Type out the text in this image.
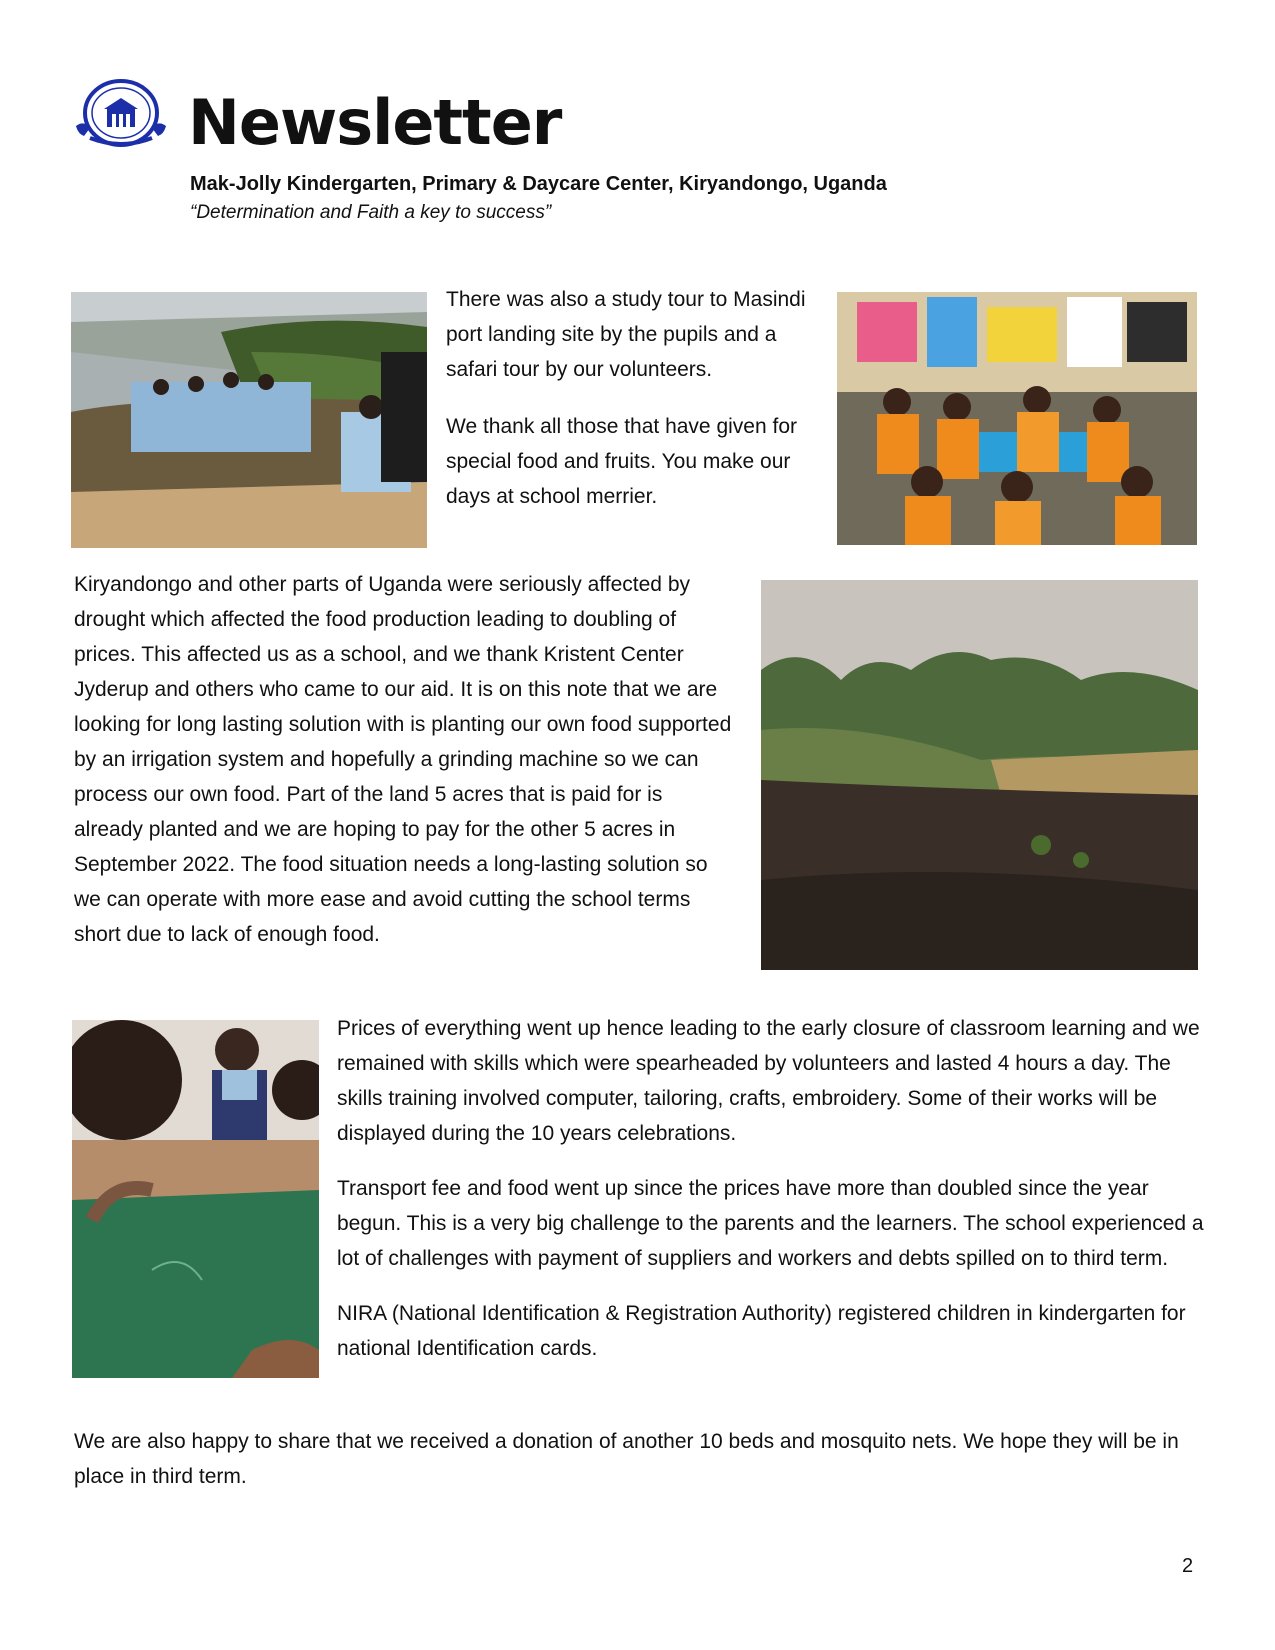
Newsletter
Mak-Jolly Kindergarten, Primary & Daycare Center, Kiryandongo, Uganda
“Determination and Faith a key to success”

There was also a study tour to Masindi port landing site by the pupils and a safari tour by our volunteers.

We thank all those that have given for special food and fruits. You make our days at school merrier.

Kiryandongo and other parts of Uganda were seriously affected by drought which affected the food production leading to doubling of prices. This affected us as a school, and we thank Kristent Center Jyderup and others who came to our aid. It is on this note that we are looking for long lasting solution with is planting our own food supported by an irrigation system and hopefully a grinding machine so we can process our own food. Part of the land 5 acres that is paid for is already planted and we are hoping to pay for the other 5 acres in September 2022. The food situation needs a long-lasting solution so we can operate with more ease and avoid cutting the school terms short due to lack of enough food.

Prices of everything went up hence leading to the early closure of classroom learning and we remained with skills which were spearheaded by volunteers and lasted 4 hours a day. The skills training involved computer, tailoring, crafts, embroidery. Some of their works will be displayed during the 10 years celebrations.

Transport fee and food went up since the prices have more than doubled since the year begun. This is a very big challenge to the parents and the learners. The school experienced a lot of challenges with payment of suppliers and workers and debts spilled on to third term.

NIRA (National Identification & Registration Authority) registered children in kindergarten for national Identification cards.

We are also happy to share that we received a donation of another 10 beds and mosquito nets. We hope they will be in place in third term.

2
